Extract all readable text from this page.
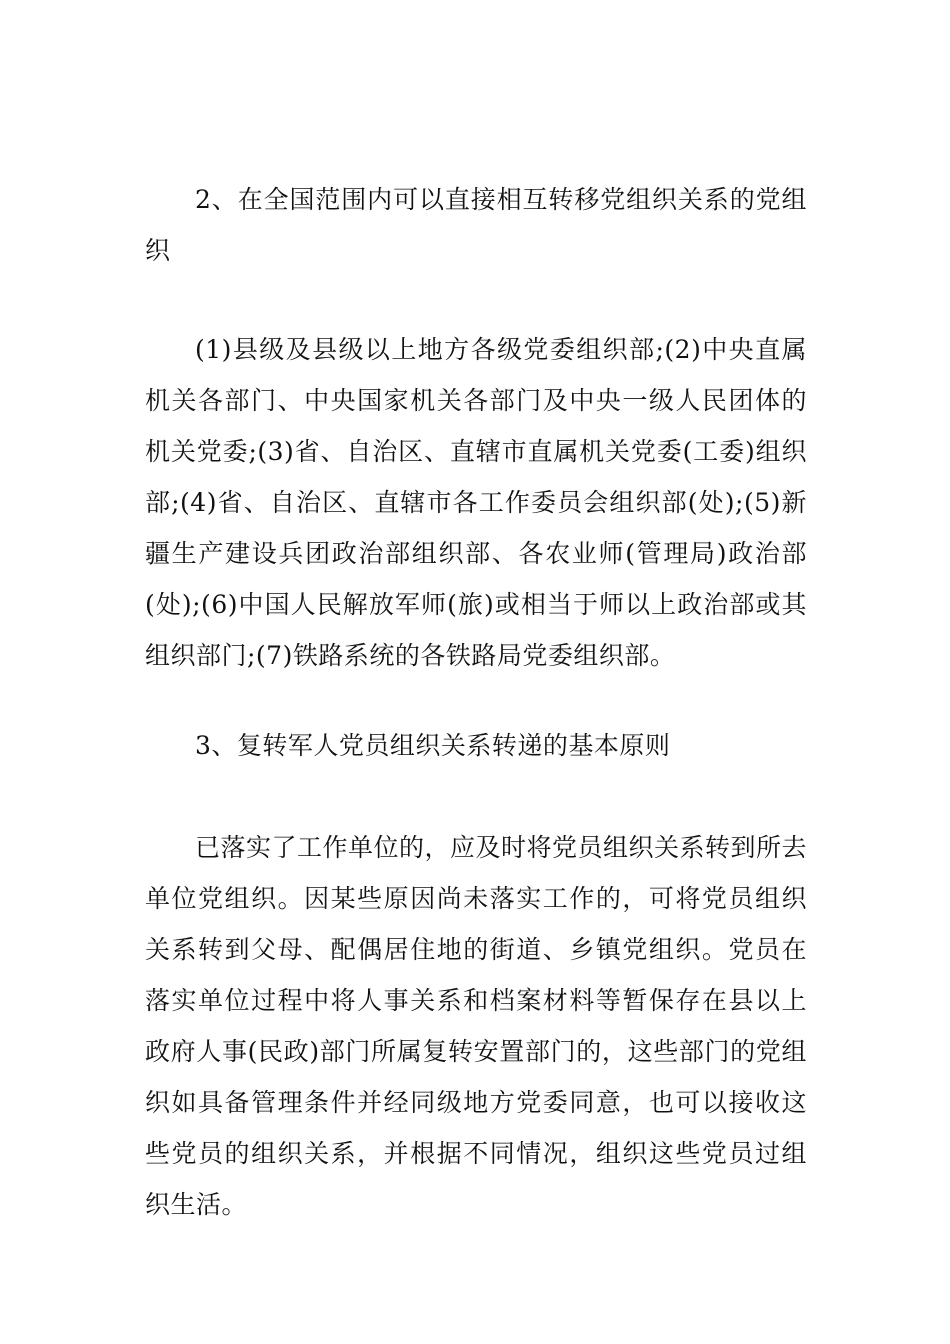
2、在全国范围内可以直接相互转移党组织关系的党组织

(1)县级及县级以上地方各级党委组织部;(2)中央直属机关各部门、中央国家机关各部门及中央一级人民团体的机关党委;(3)省、自治区、直辖市直属机关党委(工委)组织部;(4)省、自治区、直辖市各工作委员会组织部(处);(5)新疆生产建设兵团政治部组织部、各农业师(管理局)政治部(处);(6)中国人民解放军师(旅)或相当于师以上政治部或其组织部门;(7)铁路系统的各铁路局党委组织部。

3、复转军人党员组织关系转递的基本原则

已落实了工作单位的，应及时将党员组织关系转到所去单位党组织。因某些原因尚未落实工作的，可将党员组织关系转到父母、配偶居住地的街道、乡镇党组织。党员在落实单位过程中将人事关系和档案材料等暂保存在县以上政府人事(民政)部门所属复转安置部门的，这些部门的党组织如具备管理条件并经同级地方党委同意，也可以接收这些党员的组织关系，并根据不同情况，组织这些党员过组织生活。
